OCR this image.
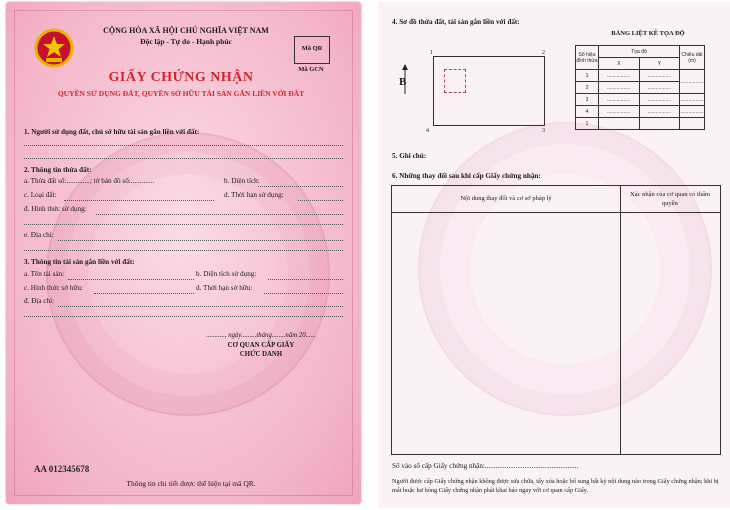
CỘNG HÒA XÃ HỘI CHỦ NGHĨA VIỆT NAM
Độc lập - Tự do - Hạnh phúc
Mã QR
Mã GCN
GIẤY CHỨNG NHẬN
QUYỀN SỬ DỤNG ĐẤT, QUYỀN SỞ HỮU TÀI SẢN GẮN LIỀN VỚI ĐẤT
1. Người sử dụng đất, chủ sở hữu tài sản gắn liền với đất:
2. Thông tin thửa đất:
a. Thửa đất số:.............; tờ bản đồ số:.............	b. Diện tích:
c. Loại đất:	d. Thời hạn sử dụng:
đ. Hình thức sử dụng:
e. Địa chỉ:
3. Thông tin tài sản gắn liền với đất:
a. Tên tài sản:	b. Diện tích sử dụng:
c. Hình thức sở hữu:	d. Thời hạn sở hữu:
đ. Địa chỉ:
..........., ngày.........tháng........năm 20......
CƠ QUAN CẤP GIẤY
CHỨC DANH
AA 012345678
Thông tin chi tiết được thể hiện tại mã QR.
4. Sơ đồ thửa đất, tài sản gắn liền với đất:
1	2
4	3
B
BẢNG LIỆT KÊ TỌA ĐỘ
Số hiệu đỉnh thửa	Tọa độ		Chiều dài (m)
	X	Y	
1	.................	.................	.................
2	.................	.................	
3	.................	.................	.................
4	.................	.................	.................
1			
5. Ghi chú:
6. Những thay đổi sau khi cấp Giấy chứng nhận:
Nội dung thay đổi và cơ sở pháp lý
Xác nhận của cơ quan có thẩm quyền
Số vào sổ cấp Giấy chứng nhận:....................................................
Người được cấp Giấy chứng nhận không được sửa chữa, tẩy xóa hoặc bổ sung bất kỳ nội dung nào trong Giấy chứng nhận; khi bị mất hoặc hư hỏng Giấy chứng nhận phải khai báo ngay với cơ quan cấp Giấy.
